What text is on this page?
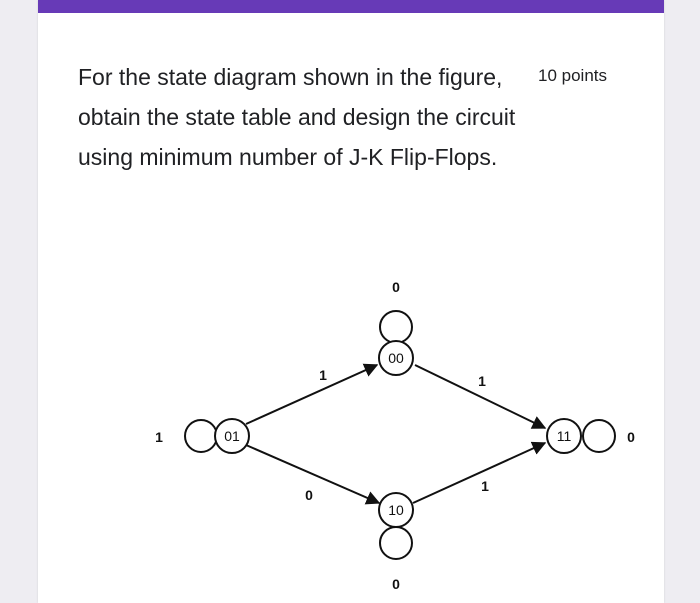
For the state diagram shown in the figure, obtain the state table and design the circuit using minimum number of J-K Flip-Flops.
10 points
00
01
10
11
0
1
0
0
1	1
0
1
